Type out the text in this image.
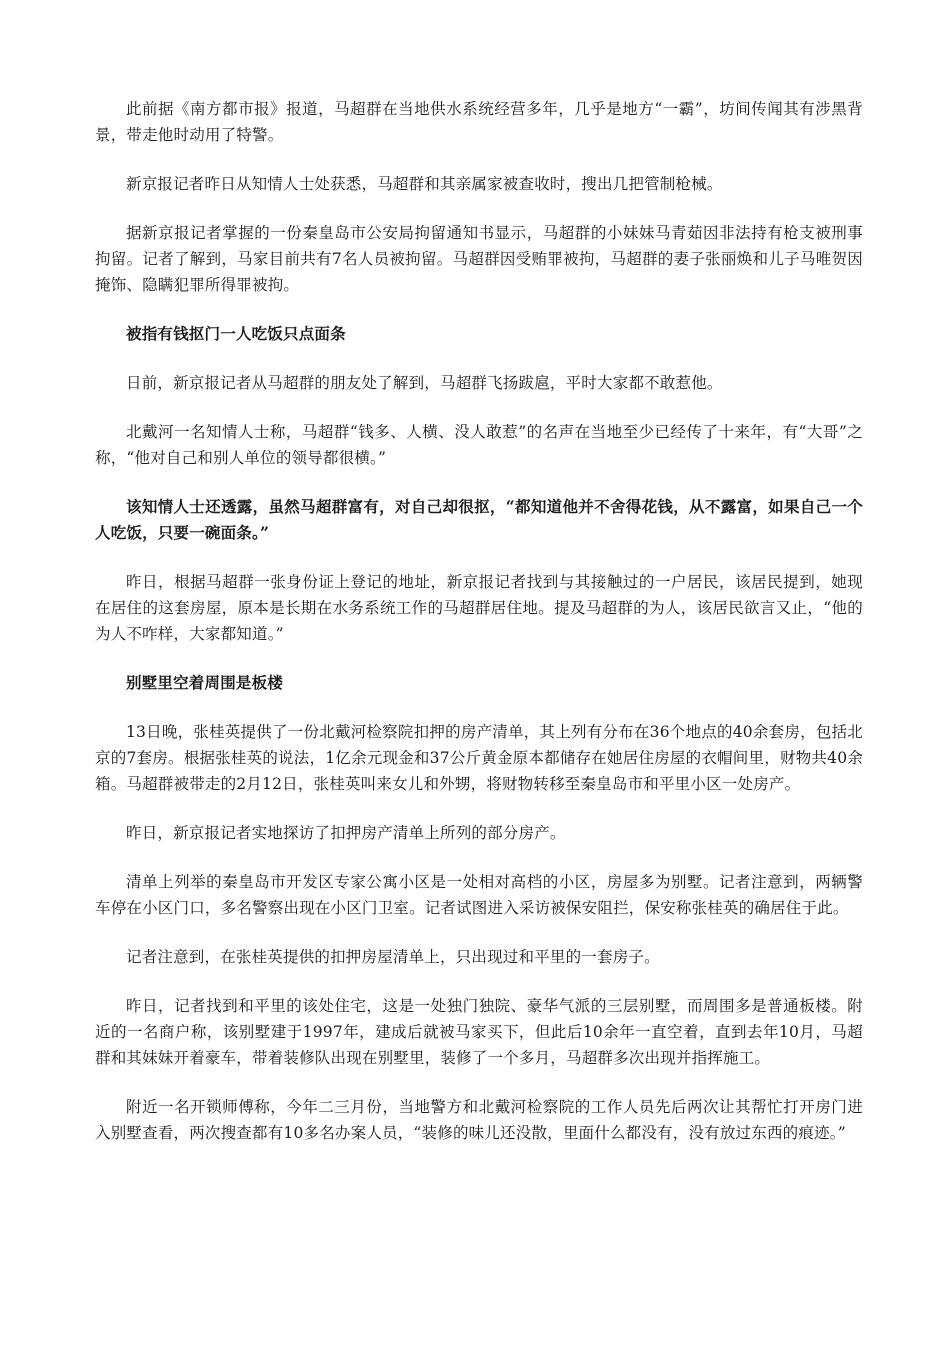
此前据《南方都市报》报道，马超群在当地供水系统经营多年，几乎是地方“一霸”，坊间传闻其有涉黑背景，带走他时动用了特警。

新京报记者昨日从知情人士处获悉，马超群和其亲属家被查收时，搜出几把管制枪械。

据新京报记者掌握的一份秦皇岛市公安局拘留通知书显示，马超群的小妹妹马青茹因非法持有枪支被刑事拘留。记者了解到，马家目前共有7名人员被拘留。马超群因受贿罪被拘，马超群的妻子张丽焕和儿子马唯贺因掩饰、隐瞒犯罪所得罪被拘。

被指有钱抠门一人吃饭只点面条

日前，新京报记者从马超群的朋友处了解到，马超群飞扬跋扈，平时大家都不敢惹他。

北戴河一名知情人士称，马超群“钱多、人横、没人敢惹”的名声在当地至少已经传了十来年，有“大哥”之称，“他对自己和别人单位的领导都很横。”

该知情人士还透露，虽然马超群富有，对自己却很抠，“都知道他并不舍得花钱，从不露富，如果自己一个人吃饭，只要一碗面条。”

昨日，根据马超群一张身份证上登记的地址，新京报记者找到与其接触过的一户居民，该居民提到，她现在居住的这套房屋，原本是长期在水务系统工作的马超群居住地。提及马超群的为人，该居民欲言又止，“他的为人不咋样，大家都知道。”

别墅里空着周围是板楼

13日晚，张桂英提供了一份北戴河检察院扣押的房产清单，其上列有分布在36个地点的40余套房，包括北京的7套房。根据张桂英的说法，1亿余元现金和37公斤黄金原本都储存在她居住房屋的衣帽间里，财物共40余箱。马超群被带走的2月12日，张桂英叫来女儿和外甥，将财物转移至秦皇岛市和平里小区一处房产。

昨日，新京报记者实地探访了扣押房产清单上所列的部分房产。

清单上列举的秦皇岛市开发区专家公寓小区是一处相对高档的小区，房屋多为别墅。记者注意到，两辆警车停在小区门口，多名警察出现在小区门卫室。记者试图进入采访被保安阻拦，保安称张桂英的确居住于此。

记者注意到，在张桂英提供的扣押房屋清单上，只出现过和平里的一套房子。

昨日，记者找到和平里的该处住宅，这是一处独门独院、豪华气派的三层别墅，而周围多是普通板楼。附近的一名商户称，该别墅建于1997年，建成后就被马家买下，但此后10余年一直空着，直到去年10月，马超群和其妹妹开着豪车，带着装修队出现在别墅里，装修了一个多月，马超群多次出现并指挥施工。

附近一名开锁师傅称，今年二三月份，当地警方和北戴河检察院的工作人员先后两次让其帮忙打开房门进入别墅查看，两次搜查都有10多名办案人员，“装修的味儿还没散，里面什么都没有，没有放过东西的痕迹。”
